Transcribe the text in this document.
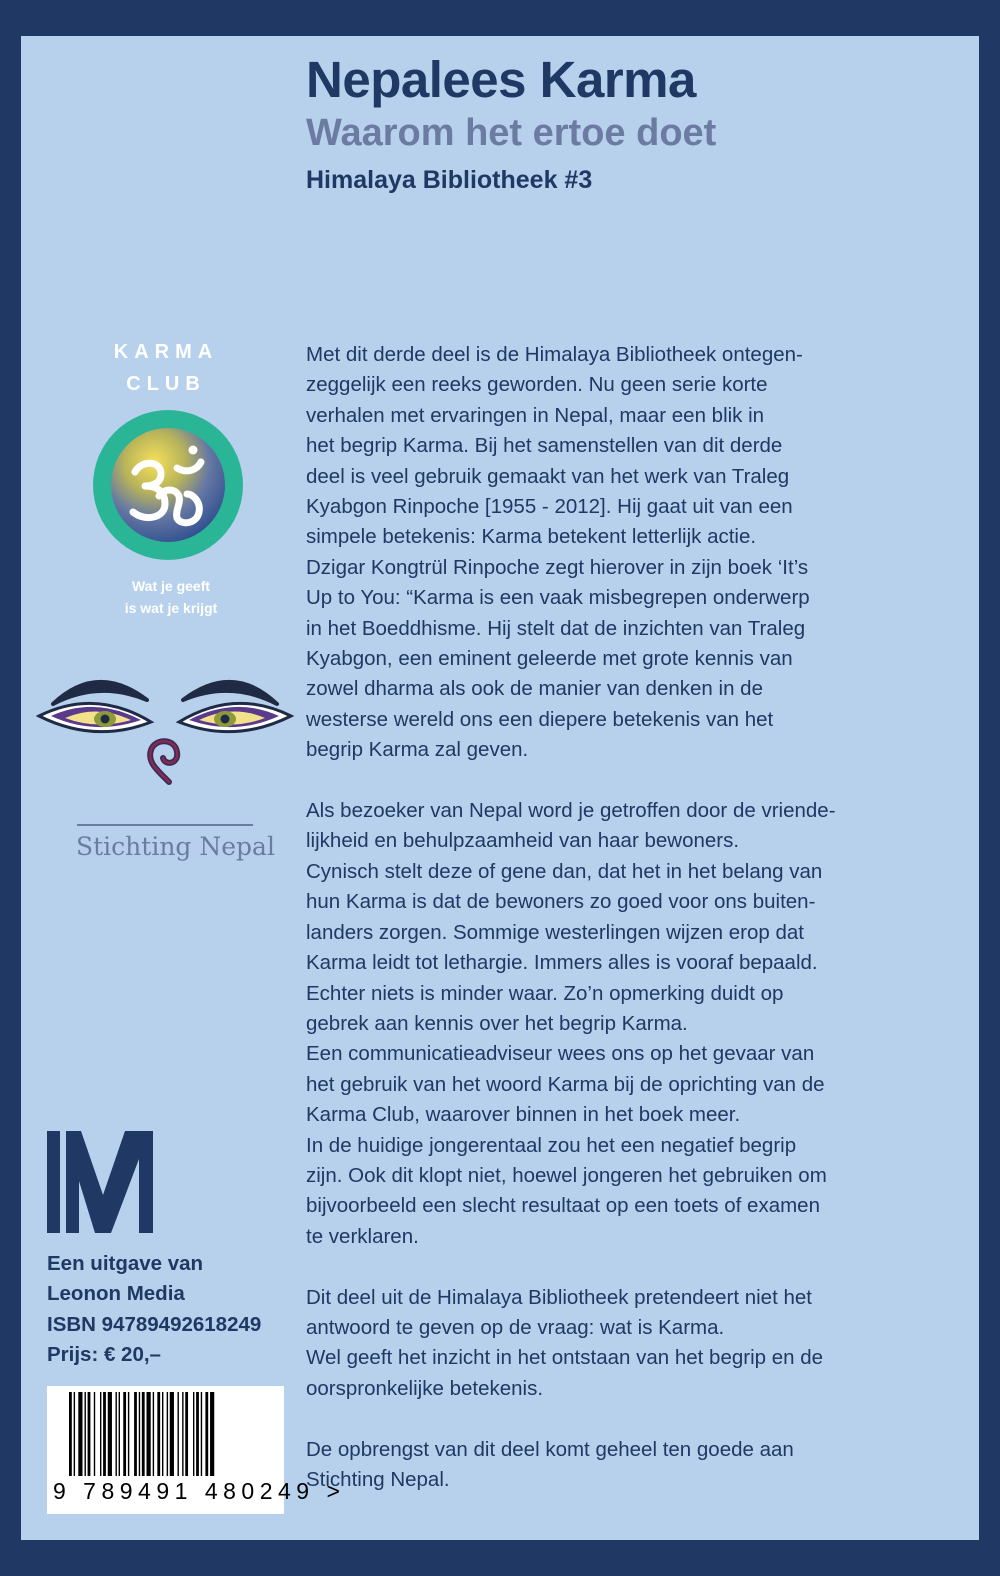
Nepalees Karma
Waarom het ertoe doet
Himalaya Bibliotheek #3
KARMA
CLUB
Wat je geeft
is wat je krijgt
Stichting Nepal
Een uitgave van
Leonon Media
ISBN 94789492618249
Prijs: € 20,–
9 789491 480249 >

Met dit derde deel is de Himalaya Bibliotheek ontegen-
zeggelijk een reeks geworden. Nu geen serie korte
verhalen met ervaringen in Nepal, maar een blik in
het begrip Karma. Bij het samenstellen van dit derde
deel is veel gebruik gemaakt van het werk van Traleg
Kyabgon Rinpoche [1955 - 2012]. Hij gaat uit van een
simpele betekenis: Karma betekent letterlijk actie.
Dzigar Kongtrül Rinpoche zegt hierover in zijn boek ‘It’s
Up to You: “Karma is een vaak misbegrepen onderwerp
in het Boeddhisme. Hij stelt dat de inzichten van Traleg
Kyabgon, een eminent geleerde met grote kennis van
zowel dharma als ook de manier van denken in de
westerse wereld ons een diepere betekenis van het
begrip Karma zal geven.

Als bezoeker van Nepal word je getroffen door de vriende-
lijkheid en behulpzaamheid van haar bewoners.
Cynisch stelt deze of gene dan, dat het in het belang van
hun Karma is dat de bewoners zo goed voor ons buiten-
landers zorgen. Sommige westerlingen wijzen erop dat
Karma leidt tot lethargie. Immers alles is vooraf bepaald.
Echter niets is minder waar. Zo’n opmerking duidt op
gebrek aan kennis over het begrip Karma.
Een communicatieadviseur wees ons op het gevaar van
het gebruik van het woord Karma bij de oprichting van de
Karma Club, waarover binnen in het boek meer.
In de huidige jongerentaal zou het een negatief begrip
zijn. Ook dit klopt niet, hoewel jongeren het gebruiken om
bijvoorbeeld een slecht resultaat op een toets of examen
te verklaren.

Dit deel uit de Himalaya Bibliotheek pretendeert niet het
antwoord te geven op de vraag: wat is Karma.
Wel geeft het inzicht in het ontstaan van het begrip en de
oorspronkelijke betekenis.

De opbrengst van dit deel komt geheel ten goede aan
Stichting Nepal.
